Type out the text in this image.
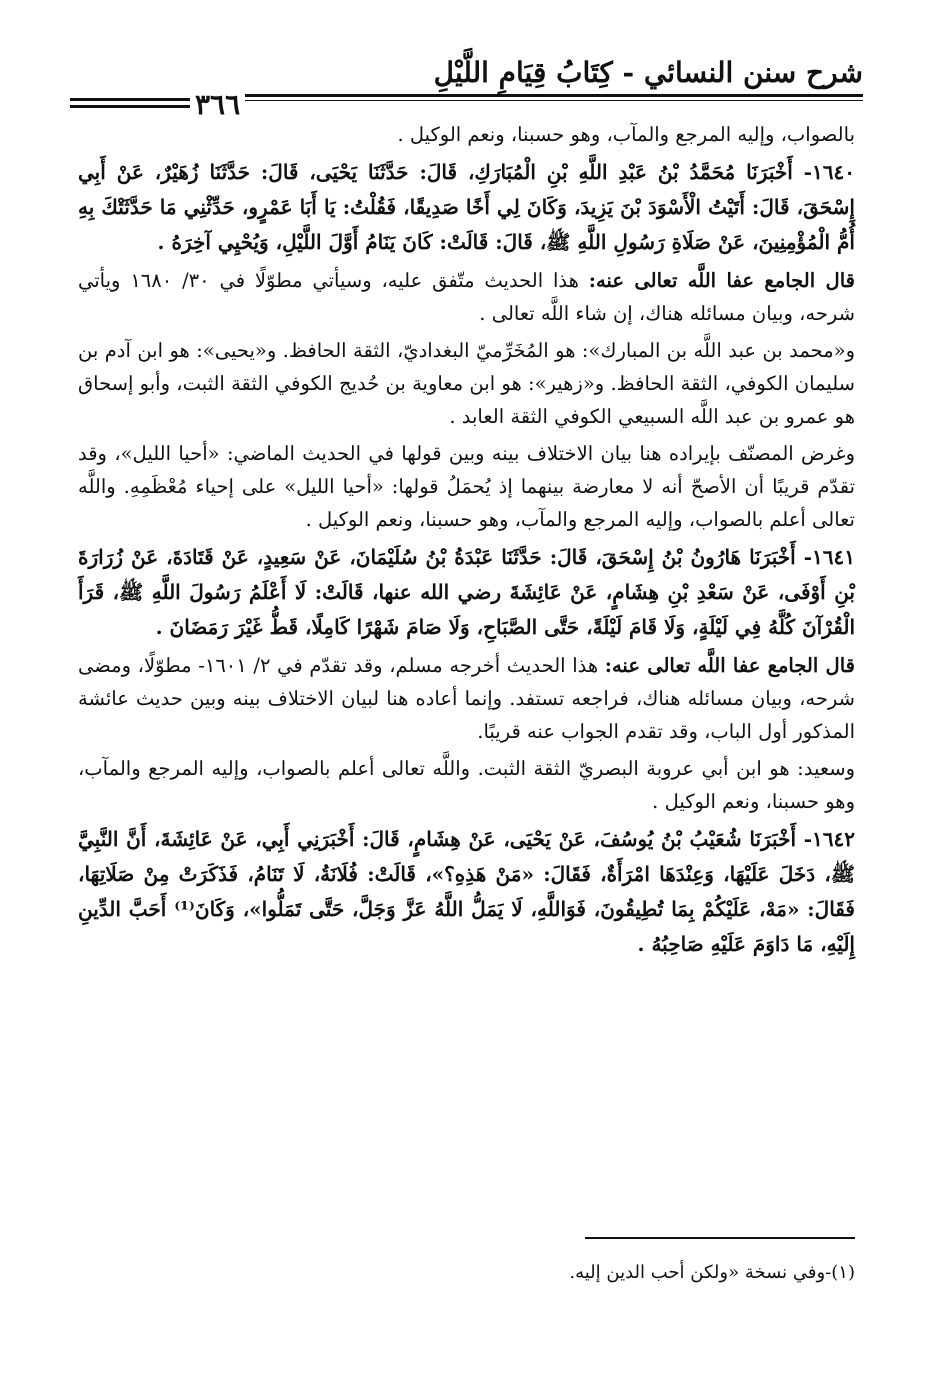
شرح سنن النسائي - كِتَابُ قِيَامِ اللَّيْلِ
٣٦٦

بالصواب، وإليه المرجع والمآب، وهو حسبنا، ونعم الوكيل .

١٦٤٠- أَخْبَرَنَا مُحَمَّدُ بْنُ عَبْدِ اللَّهِ بْنِ الْمُبَارَكِ، قَالَ: حَدَّثَنَا يَحْيَى، قَالَ: حَدَّثَنَا زُهَيْرٌ، عَنْ أَبِي إِسْحَقَ، قَالَ: أَتَيْتُ الْأَسْوَدَ بْنَ يَزِيدَ، وَكَانَ لِي أَخًا صَدِيقًا، فَقُلْتُ: يَا أَبَا عَمْرٍو، حَدِّثْنِي مَا حَدَّثَتْكَ بِهِ أُمُّ الْمُؤْمِنِينَ، عَنْ صَلَاةِ رَسُولِ اللَّهِ ﷺ، قَالَ: قَالَتْ: كَانَ يَنَامُ أَوَّلَ اللَّيْلِ، وَيُحْيِي آخِرَهُ .

قال الجامع عفا اللَّه تعالى عنه: هذا الحديث متّفق عليه، وسيأتي مطوّلًا في ٣٠/ ١٦٨٠ ويأتي شرحه، وبيان مسائله هناك، إن شاء اللَّه تعالى .

و«محمد بن عبد اللَّه بن المبارك»: هو المُخَرِّميّ البغداديّ، الثقة الحافظ. و«يحيى»: هو ابن آدم بن سليمان الكوفي، الثقة الحافظ. و«زهير»: هو ابن معاوية بن حُديج الكوفي الثقة الثبت، وأبو إسحاق هو عمرو بن عبد اللَّه السبيعي الكوفي الثقة العابد .

وغرض المصنّف بإيراده هنا بيان الاختلاف بينه وبين قولها في الحديث الماضي: «أحيا الليل»، وقد تقدّم قريبًا أن الأصحّ أنه لا معارضة بينهما إذ يُحمَلُ قولها: «أحيا الليل» على إحياء مُعْظَمِهِ. واللَّه تعالى أعلم بالصواب، وإليه المرجع والمآب، وهو حسبنا، ونعم الوكيل .

١٦٤١- أَخْبَرَنَا هَارُونُ بْنُ إِسْحَقَ، قَالَ: حَدَّثَنَا عَبْدَةُ بْنُ سُلَيْمَانَ، عَنْ سَعِيدٍ، عَنْ قَتَادَةَ، عَنْ زُرَارَةَ بْنِ أَوْفَى، عَنْ سَعْدِ بْنِ هِشَامٍ، عَنْ عَائِشَةَ رضي الله عنها، قَالَتْ: لَا أَعْلَمُ رَسُولَ اللَّهِ ﷺ، قَرَأَ الْقُرْآنَ كُلَّهُ فِي لَيْلَةٍ، وَلَا قَامَ لَيْلَةً، حَتَّى الصَّبَاحِ، وَلَا صَامَ شَهْرًا كَامِلًا، قَطُّ غَيْرَ رَمَضَانَ .

قال الجامع عفا اللَّه تعالى عنه: هذا الحديث أخرجه مسلم، وقد تقدّم في ٢/ ١٦٠١- مطوّلًا، ومضى شرحه، وبيان مسائله هناك، فراجعه تستفد. وإنما أعاده هنا لبيان الاختلاف بينه وبين حديث عائشة المذكور أول الباب، وقد تقدم الجواب عنه قريبًا.

وسعيد: هو ابن أبي عروبة البصريّ الثقة الثبت. واللَّه تعالى أعلم بالصواب، وإليه المرجع والمآب، وهو حسبنا، ونعم الوكيل .

١٦٤٢- أَخْبَرَنَا شُعَيْبُ بْنُ يُوسُفَ، عَنْ يَحْيَى، عَنْ هِشَامٍ، قَالَ: أَخْبَرَنِي أَبِي، عَنْ عَائِشَةَ، أَنَّ النَّبِيَّ ﷺ، دَخَلَ عَلَيْهَا، وَعِنْدَهَا امْرَأَةٌ، فَقَالَ: «مَنْ هَذِهِ؟»، قَالَتْ: فُلَانَةُ، لَا تَنَامُ، فَذَكَرَتْ مِنْ صَلَاتِهَا، فَقَالَ: «مَهْ، عَلَيْكُمْ بِمَا تُطِيقُونَ، فَوَاللَّهِ، لَا يَمَلُّ اللَّهُ عَزَّ وَجَلَّ، حَتَّى تَمَلُّوا»، وَكَانَ⁽¹⁾ أَحَبَّ الدِّينِ إِلَيْهِ، مَا دَاوَمَ عَلَيْهِ صَاحِبُهُ .

(١)-وفي نسخة «ولكن أحب الدين إليه.
